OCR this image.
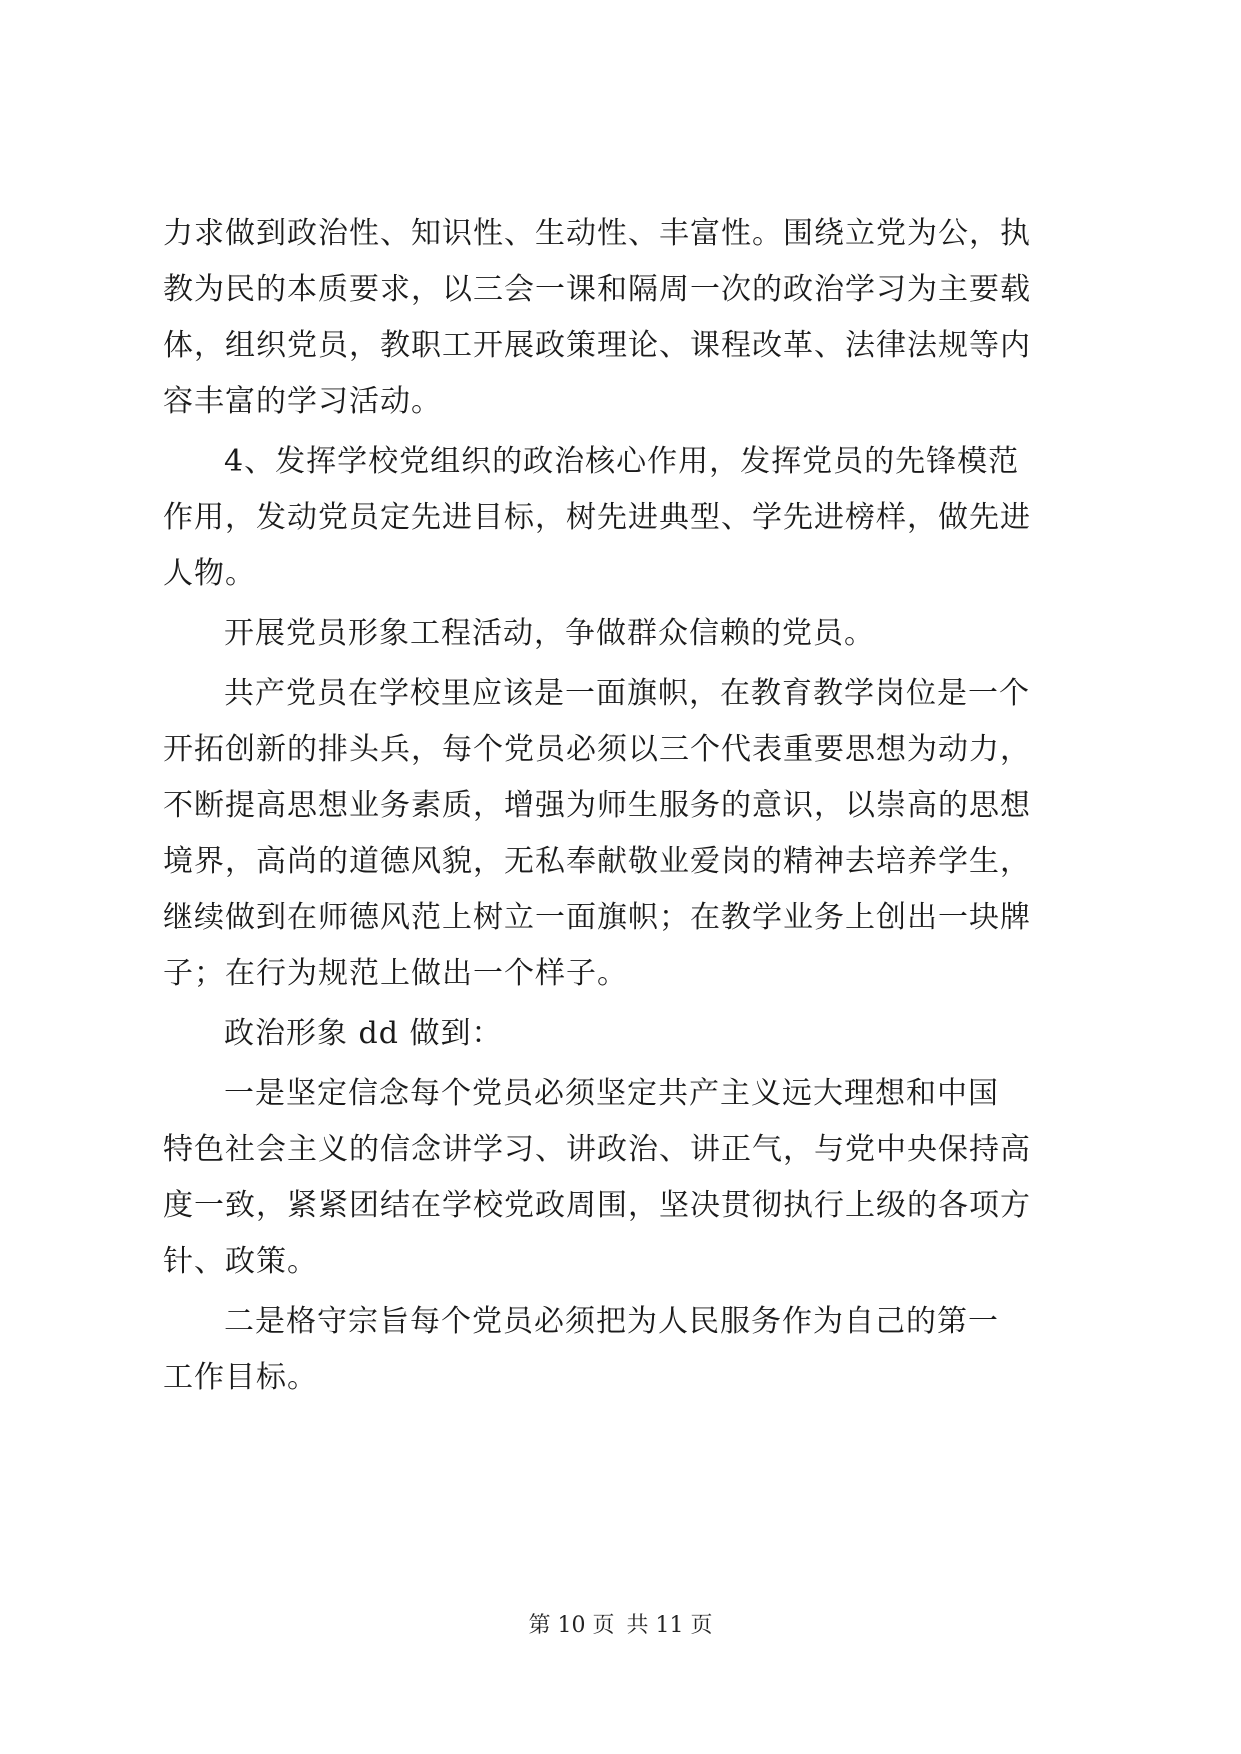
力求做到政治性、知识性、生动性、丰富性。围绕立党为公，执
教为民的本质要求，以三会一课和隔周一次的政治学习为主要载
体，组织党员，教职工开展政策理论、课程改革、法律法规等内
容丰富的学习活动。
4、发挥学校党组织的政治核心作用，发挥党员的先锋模范
作用，发动党员定先进目标，树先进典型、学先进榜样，做先进
人物。
开展党员形象工程活动，争做群众信赖的党员。
共产党员在学校里应该是一面旗帜，在教育教学岗位是一个
开拓创新的排头兵，每个党员必须以三个代表重要思想为动力，
不断提高思想业务素质，增强为师生服务的意识，以崇高的思想
境界，高尚的道德风貌，无私奉献敬业爱岗的精神去培养学生，
继续做到在师德风范上树立一面旗帜；在教学业务上创出一块牌
子；在行为规范上做出一个样子。
政治形象 dd 做到：
一是坚定信念每个党员必须坚定共产主义远大理想和中国
特色社会主义的信念讲学习、讲政治、讲正气，与党中央保持高
度一致，紧紧团结在学校党政周围，坚决贯彻执行上级的各项方
针、政策。
二是格守宗旨每个党员必须把为人民服务作为自己的第一
工作目标。
第 10 页 共 11 页
